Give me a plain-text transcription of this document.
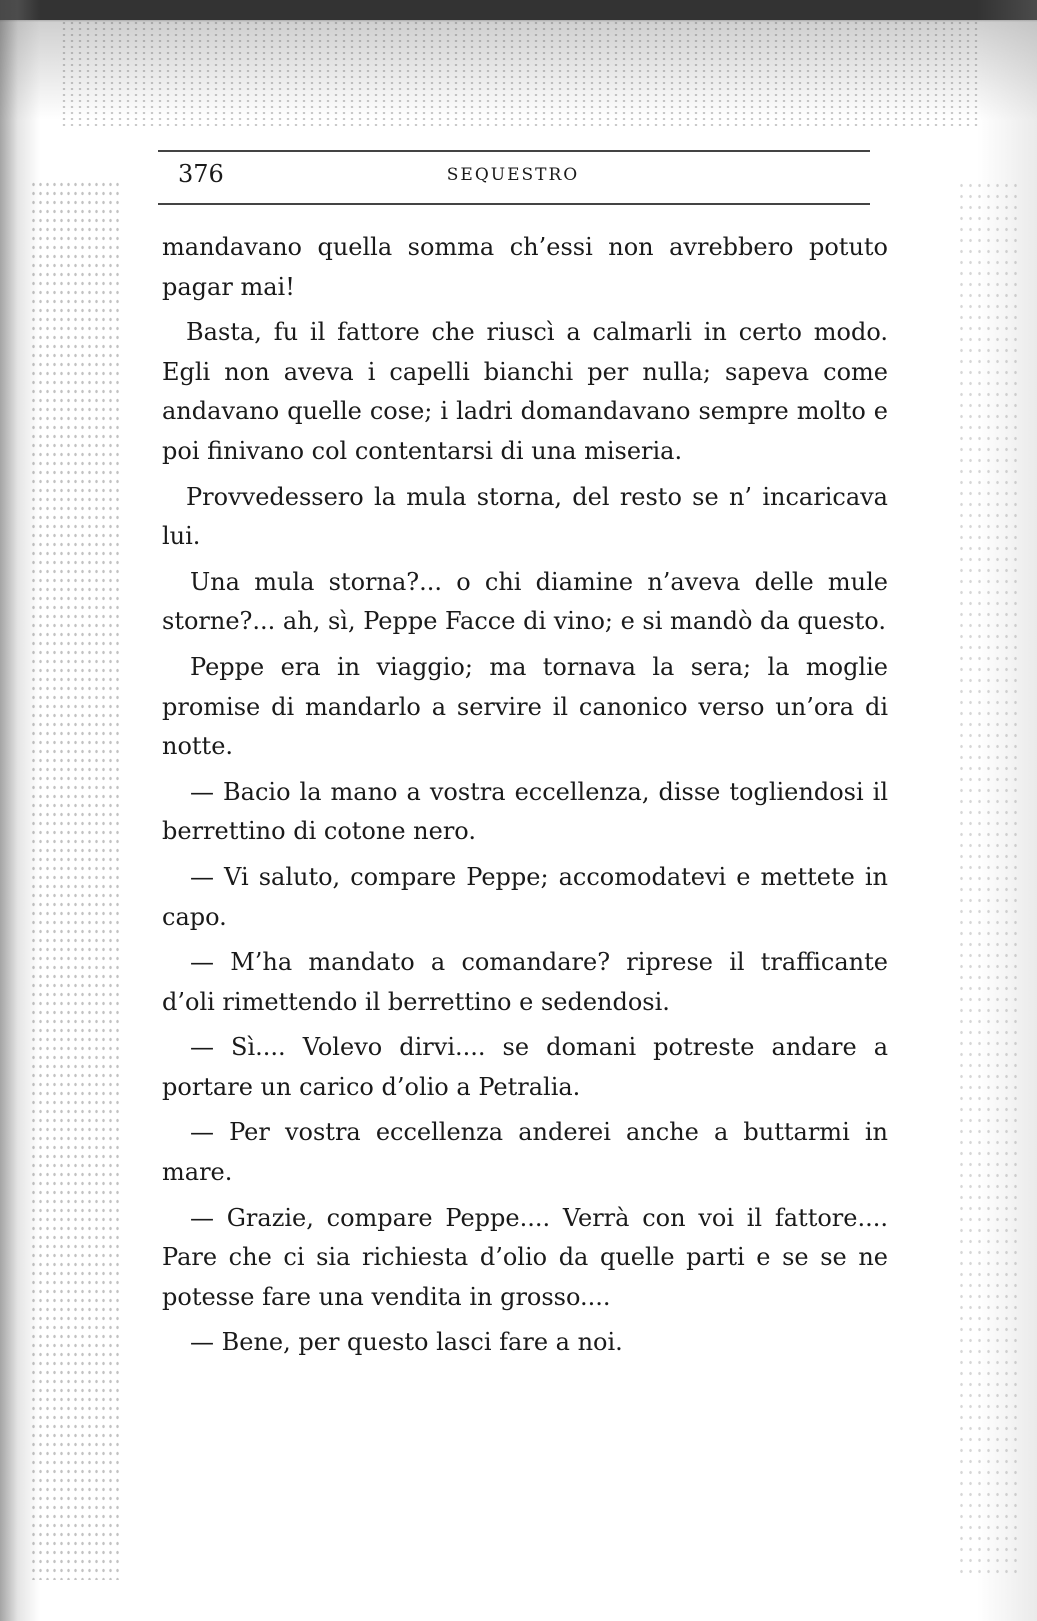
376	SEQUESTRO

mandavano quella somma ch’essi non avrebbero potuto pagar mai!

Basta, fu il fattore che riuscì a calmarli in certo modo. Egli non aveva i capelli bianchi per nulla; sapeva come andavano quelle cose; i ladri domandavano sempre molto e poi finivano col contentarsi di una miseria.

Provvedessero la mula storna, del resto se n’ incaricava lui.

Una mula storna?... o chi diamine n’aveva delle mule storne?... ah, sì, Peppe Facce di vino; e si mandò da questo.

Peppe era in viaggio; ma tornava la sera; la moglie promise di mandarlo a servire il canonico verso un’ora di notte.

— Bacio la mano a vostra eccellenza, disse togliendosi il berrettino di cotone nero.

— Vi saluto, compare Peppe; accomodatevi e mettete in capo.

— M’ha mandato a comandare? riprese il trafficante d’oli rimettendo il berrettino e sedendosi.

— Sì.... Volevo dirvi.... se domani potreste andare a portare un carico d’olio a Petralia.

— Per vostra eccellenza anderei anche a buttarmi in mare.

— Grazie, compare Peppe.... Verrà con voi il fattore.... Pare che ci sia richiesta d’olio da quelle parti e se se ne potesse fare una vendita in grosso....

— Bene, per questo lasci fare a noi.
